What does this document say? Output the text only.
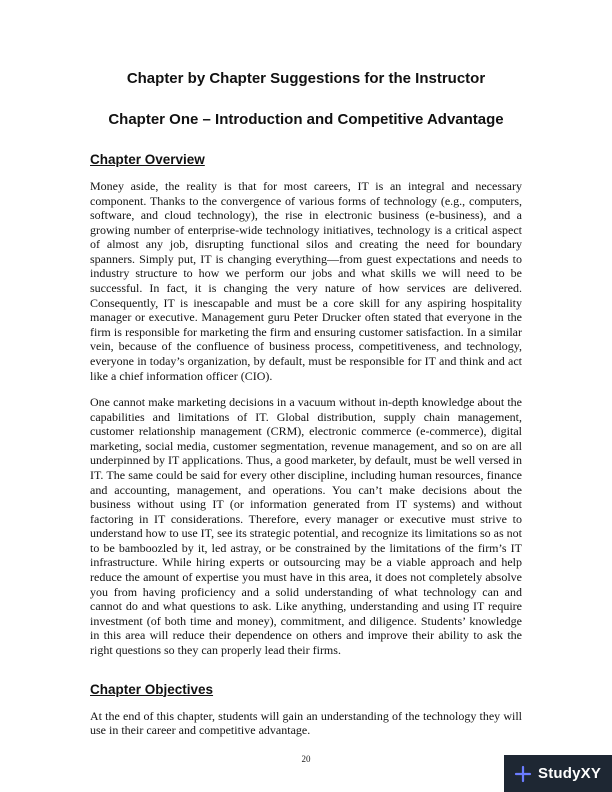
Chapter by Chapter Suggestions for the Instructor
Chapter One – Introduction and Competitive Advantage
Chapter Overview

Money aside, the reality is that for most careers, IT is an integral and necessary component. Thanks to the convergence of various forms of technology (e.g., computers, software, and cloud technology), the rise in electronic business (e-business), and a growing number of enterprise-wide technology initiatives, technology is a critical aspect of almost any job, disrupting functional silos and creating the need for boundary spanners. Simply put, IT is changing everything—from guest expectations and needs to industry structure to how we perform our jobs and what skills we will need to be successful. In fact, it is changing the very nature of how services are delivered. Consequently, IT is inescapable and must be a core skill for any aspiring hospitality manager or executive. Management guru Peter Drucker often stated that everyone in the firm is responsible for marketing the firm and ensuring customer satisfaction. In a similar vein, because of the confluence of business process, competitiveness, and technology, everyone in today’s organization, by default, must be responsible for IT and think and act like a chief information officer (CIO).

One cannot make marketing decisions in a vacuum without in-depth knowledge about the capabilities and limitations of IT. Global distribution, supply chain management, customer relationship management (CRM), electronic commerce (e-commerce), digital marketing, social media, customer segmentation, revenue management, and so on are all underpinned by IT applications. Thus, a good marketer, by default, must be well versed in IT. The same could be said for every other discipline, including human resources, finance and accounting, management, and operations. You can’t make decisions about the business without using IT (or information generated from IT systems) and without factoring in IT considerations. Therefore, every manager or executive must strive to understand how to use IT, see its strategic potential, and recognize its limitations so as not to be bamboozled by it, led astray, or be constrained by the limitations of the firm’s IT infrastructure. While hiring experts or outsourcing may be a viable approach and help reduce the amount of expertise you must have in this area, it does not completely absolve you from having proficiency and a solid understanding of what technology can and cannot do and what questions to ask. Like anything, understanding and using IT require investment (of both time and money), commitment, and diligence. Students’ knowledge in this area will reduce their dependence on others and improve their ability to ask the right questions so they can properly lead their firms.

Chapter Objectives

At the end of this chapter, students will gain an understanding of the technology they will use in their career and competitive advantage.

20
StudyXY
